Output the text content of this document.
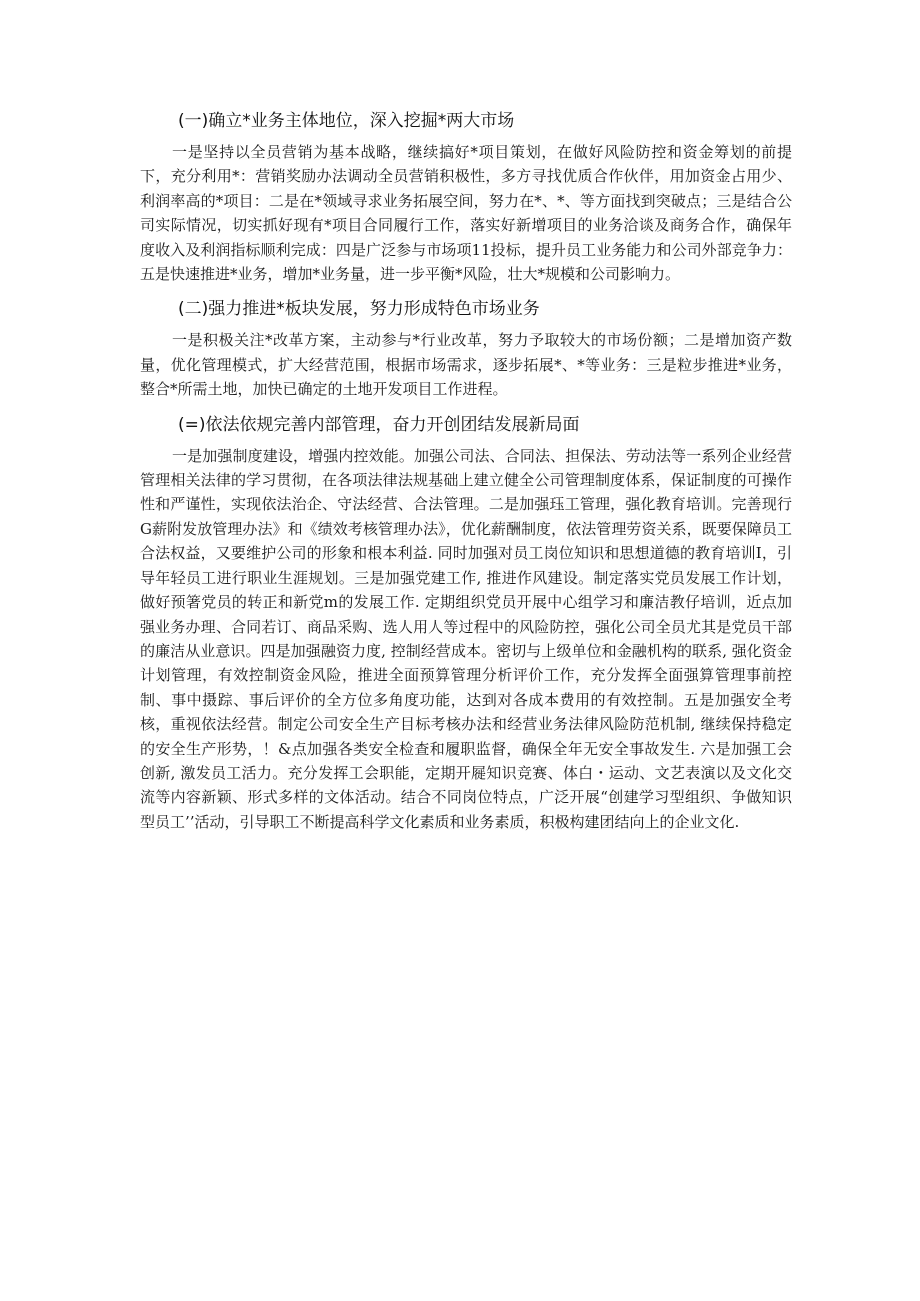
(一)确立*业务主体地位，深入挖掘*两大市场

一是坚持以全员营销为基本战略，继续搞好*项目策划，在做好风险防控和资金筹划的前提下，充分利用*：营销奖励办法调动全员营销积极性，多方寻找优质合作伙伴，用加资金占用少、利润率高的*项目：二是在*领域寻求业务拓展空间，努力在*、*、等方面找到突破点；三是结合公司实际情况，切实抓好现有*项目合同履行工作，落实好新增项目的业务洽谈及商务合作，确保年度收入及利润指标顺利完成：四是广泛参与市场项11投标，提升员工业务能力和公司外部竞争力：五是快速推进*业务，增加*业务量，进一步平衡*风险，壮大*规模和公司影响力。

(二)强力推进*板块发展，努力形成特色市场业务

一是积极关注*改革方案，主动参与*行业改革，努力予取较大的市场份额；二是增加资产数量，优化管理模式，扩大经营范围，根据市场需求，逐步拓展*、*等业务：三是粒步推进*业务，整合*所需土地，加快已确定的土地开发项目工作进程。

(=)依法依规完善内部管理，奋力开创团结发展新局面

一是加强制度建设，增强内控效能。加强公司法、合同法、担保法、劳动法等一系列企业经营管理相关法律的学习贯彻，在各项法律法规基础上建立健全公司管理制度体系，保证制度的可操作性和严谨性，实现依法治企、守法经营、合法管理。二是加强珏工管理，强化教育培训。完善现行G薪附发放管理办法》和《绩效考核管理办法》，优化薪酬制度，依法管理劳资关系，既要保障员工合法权益，又要维护公司的形象和根本利益. 同时加强对员工岗位知识和思想道德的教育培训I，引导年轻员工进行职业生涯规划。三是加强党建工作, 推进作风建设。制定落实党员发展工作计划，做好预箸党员的转正和新党m的发展工作. 定期组织党员开展中心组学习和廉洁教仔培训，近点加强业务办理、合同若订、商品采购、选人用人等过程中的风险防控，强化公司全员尤其是党员干部的廉洁从业意识。四是加强融资力度, 控制经营成本。密切与上级单位和金融机构的联系, 强化资金计划管理，有效控制资金风险，推进全面预算管理分析评价工作，充分发挥全面强算管理事前控制、事中摄踪、事后评价的全方位多角度功能，达到对各成本费用的有效控制。五是加强安全考核，重视依法经营。制定公司安全生产目标考核办法和经营业务法律风险防范机制, 继续保持稳定的安全生产形势，！&点加强各类安全检查和履职监督，确保全年无安全事故发生. 六是加强工会创新, 激发员工活力。充分发挥工会职能，定期开屣知识竞赛、体白・运动、文艺表演以及文化交流等内容新颖、形式多样的文体活动。结合不同岗位特点，广泛开展“创建学习型组织、争做知识型员工’’活动，引导职工不断提高科学文化素质和业务素质，积极构建团结向上的企业文化.
